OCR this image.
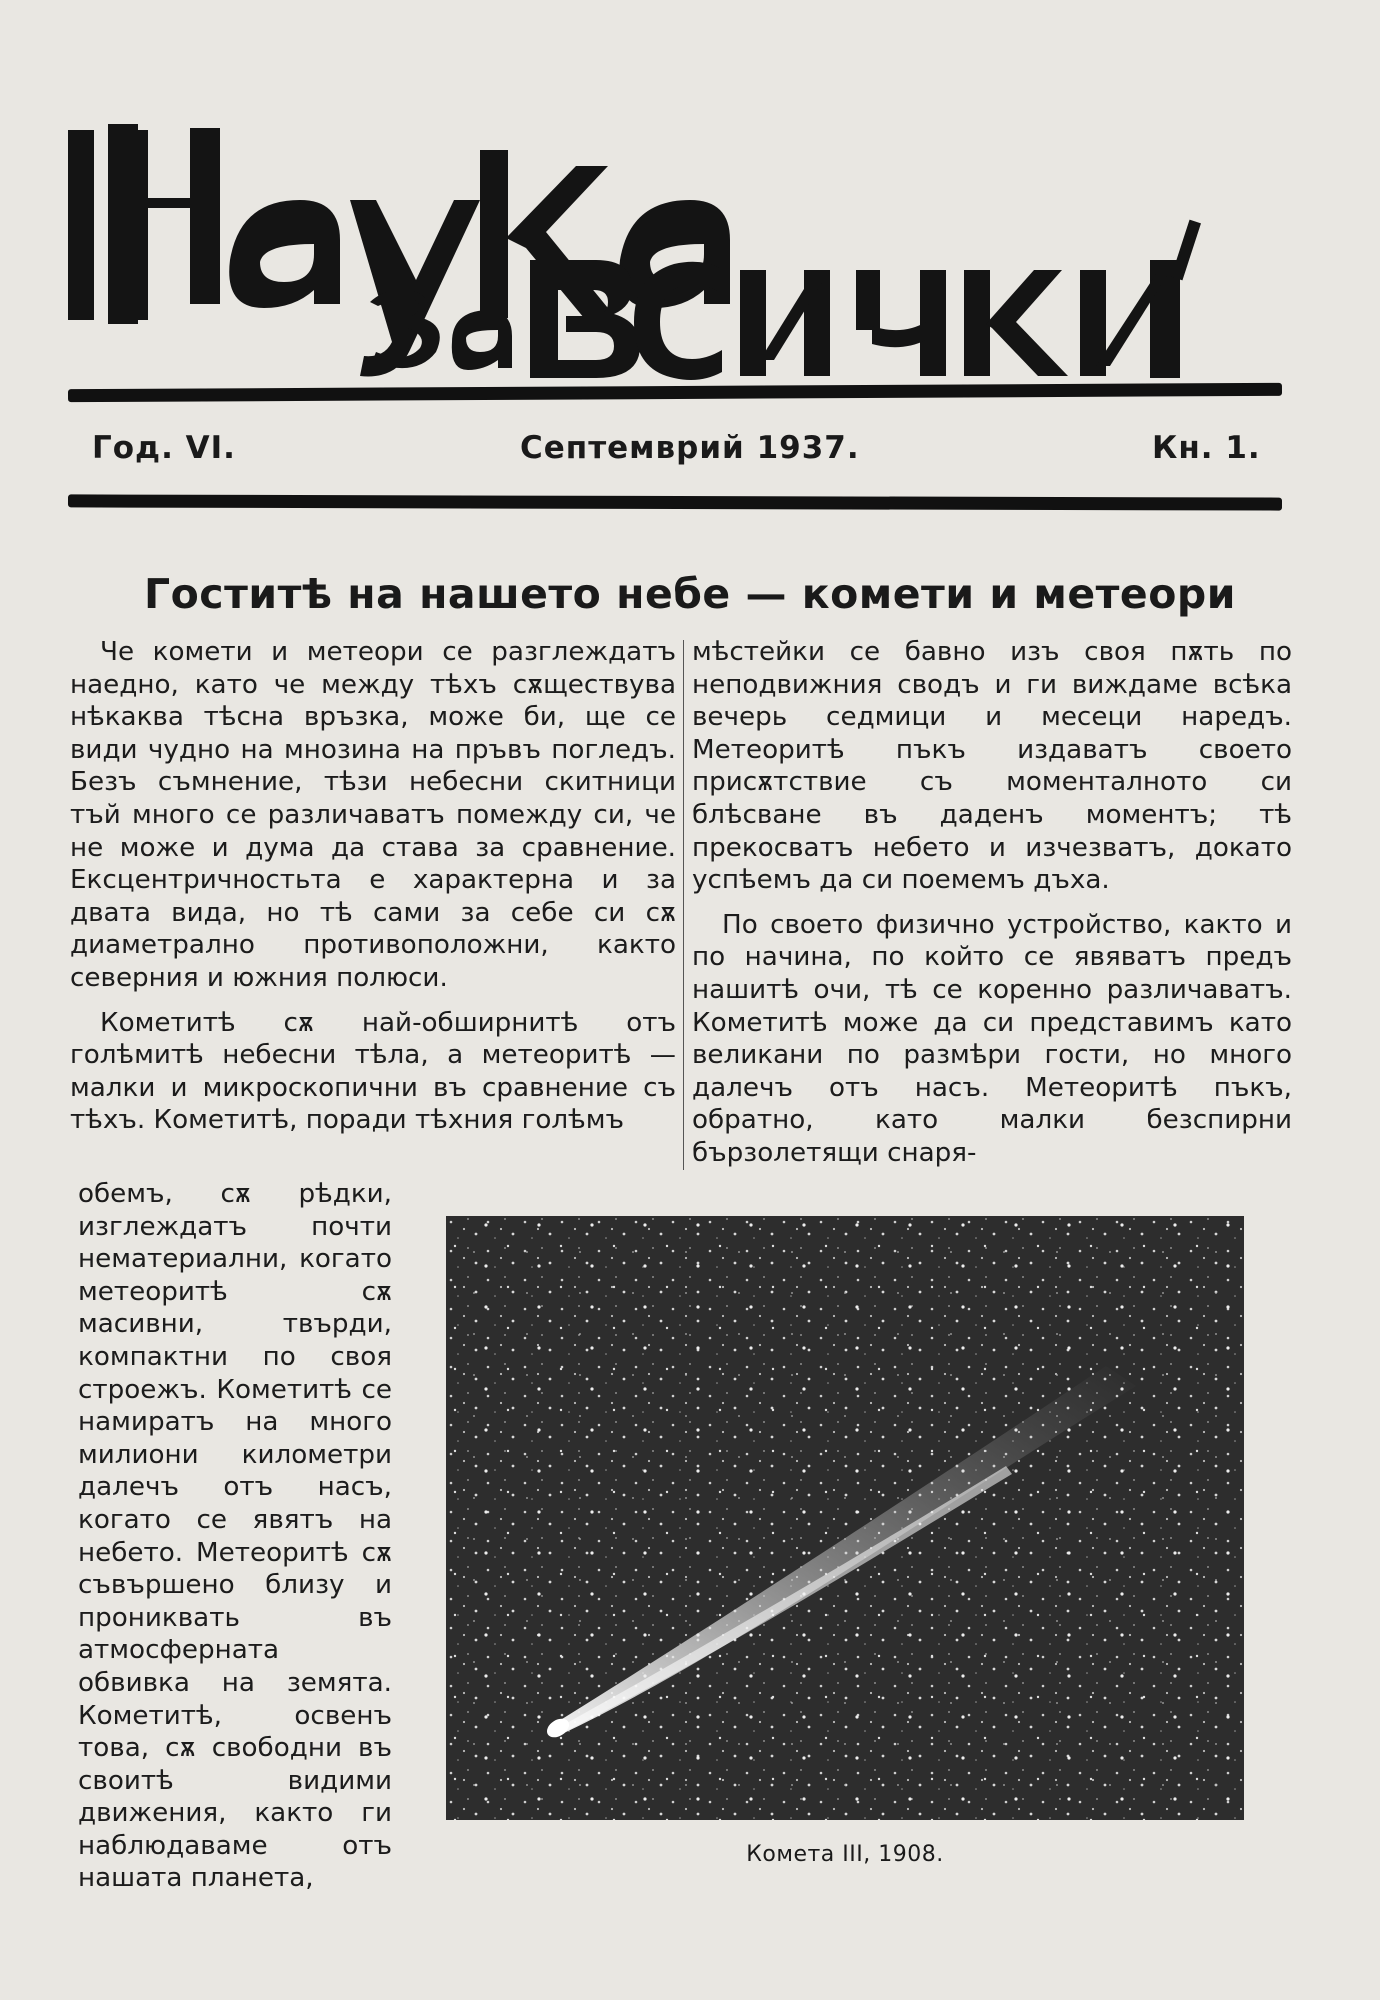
Год. VI.	Септемврий 1937.	Кн. 1.
Гоститѣ на нашето небе — комети и метеори

Че комети и метеори се разглеждатъ наедно, като че между тѣхъ сѫществува нѣкаква тѣсна връзка, може би, ще се види чудно на мнозина на пръвъ погледъ. Безъ съмнение, тѣзи небесни скитници тъй много се различаватъ помежду си, че не може и дума да става за сравнение. Ексцентричностьта е характерна и за двата вида, но тѣ сами за себе си сѫ диаметрално противоположни, както северния и южния полюси.

Кометитѣ сѫ най-обширнитѣ отъ голѣмитѣ небесни тѣла, а метеоритѣ — малки и микроскопични въ сравнение съ тѣхъ. Кометитѣ, поради тѣхния голѣмъ

мѣстейки се бавно изъ своя пѫть по неподвижния сводъ и ги виждаме всѣка вечерь седмици и месеци наредъ. Метеоритѣ пъкъ издаватъ своето присѫтствие съ моменталното си блѣсване въ даденъ моментъ; тѣ прекосватъ небето и изчезватъ, докато успѣемъ да си поемемъ дъха.

По своето физично устройство, както и по начина, по който се явяватъ предъ нашитѣ очи, тѣ се коренно различаватъ. Кометитѣ може да си представимъ като великани по размѣри гости, но много далечъ отъ насъ. Метеоритѣ пъкъ, обратно, като малки безспирни бързолетящи снаря-

обемъ, сѫ рѣдки, изглеждатъ почти нематериални, когато метеоритѣ сѫ масивни, твърди, компактни по своя строежъ. Кометитѣ се намиратъ на много милиони километри далечъ отъ насъ, когато се явятъ на небето. Метеоритѣ сѫ съвършено близу и прониквать въ атмосферната обвивка на земята. Кометитѣ, освенъ това, сѫ свободни въ своитѣ видими движения, както ги наблюдаваме отъ нашата планета,

Комета III, 1908.
